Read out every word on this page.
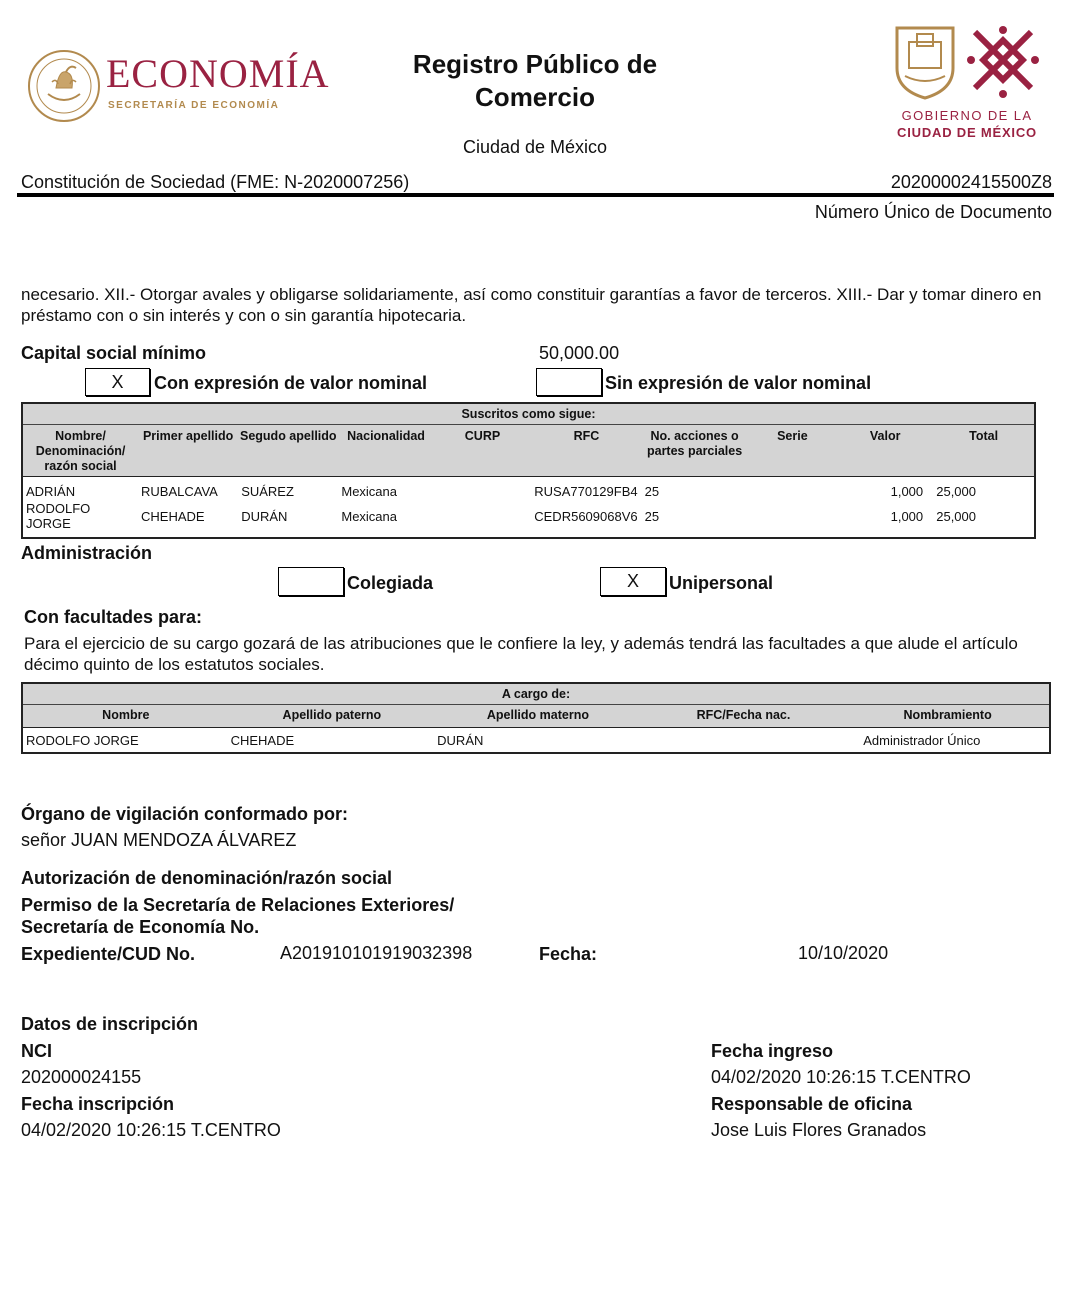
ECONOMÍA
SECRETARÍA DE ECONOMÍA
Registro Público de Comercio
Ciudad de México
GOBIERNO DE LA
CIUDAD DE MÉXICO
Constitución de Sociedad (FME: N-2020007256)	20200002415500Z8
Número Único de Documento
necesario. XII.- Otorgar avales y obligarse solidariamente, así como constituir garantías a favor de terceros. XIII.- Dar y tomar dinero en préstamo con o sin interés y con o sin garantía hipotecaria.
Capital social mínimo	50,000.00
X	Con expresión de valor nominal	Sin expresión de valor nominal
Suscritos como sigue:									
Nombre/ Denominación/ razón social	Primer apellido	Segudo apellido	Nacionalidad	CURP	RFC	No. acciones o partes parciales	Serie	Valor	Total

ADRIÁN	RUBALCAVA	SUÁREZ	Mexicana		RUSA770129FB4	25		1,000	25,000
RODOLFO JORGE	CHEHADE	DURÁN	Mexicana		CEDR5609068V6	25		1,000	25,000

Administración
Colegiada	X	Unipersonal
Con facultades para:
Para el ejercicio de su cargo gozará de las atribuciones que le confiere la ley, y además tendrá las facultades a que alude el artículo décimo quinto de los estatutos sociales.
A cargo de:				
Nombre	Apellido paterno	Apellido materno	RFC/Fecha nac.	Nombramiento
RODOLFO JORGE	CHEHADE	DURÁN		Administrador Único
Órgano de vigilación conformado por:
señor JUAN MENDOZA ÁLVAREZ
Autorización de denominación/razón social
Permiso de la Secretaría de Relaciones Exteriores/
Secretaría de Economía No.
Expediente/CUD No.	A201910101919032398	Fecha:	10/10/2020
Datos de inscripción
NCI
202000024155
Fecha inscripción
04/02/2020 10:26:15 T.CENTRO
Fecha ingreso
04/02/2020 10:26:15 T.CENTRO
Responsable de oficina
Jose Luis Flores Granados
